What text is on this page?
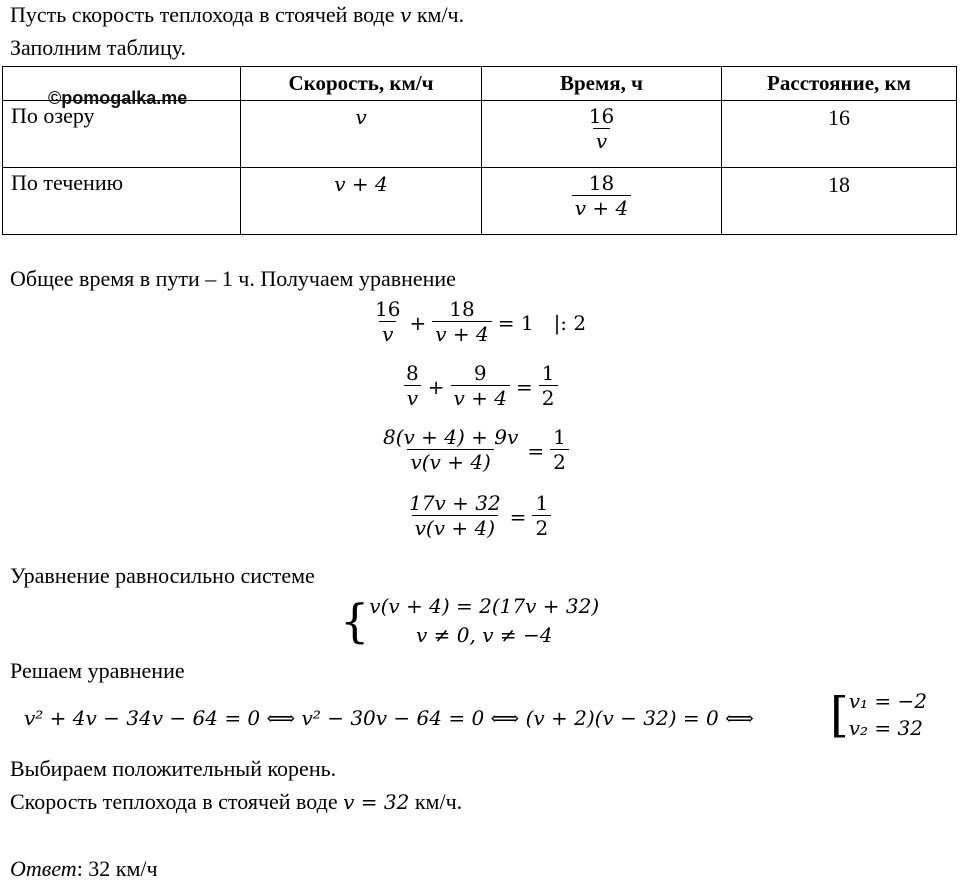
Пусть скорость теплохода в стоячей воде v км/ч.
Заполним таблицу.
	Скорость, км/ч	Время, ч	Расстояние, км
По озеру	v	$\frac{16}{v}$	16
По течению	v + 4	$\frac{18}{v + 4}$	18
©pomogalka.me
Общее время в пути – 1 ч. Получаем уравнение
$\frac{16}{v} + \frac{18}{v + 4} = 1$ |: 2
$\frac{8}{v} + \frac{9}{v + 4} = \frac{1}{2}$
$\frac{8(v + 4) + 9v}{v(v + 4)} = \frac{1}{2}$
$\frac{17v + 32}{v(v + 4)} = \frac{1}{2}$
Уравнение равносильно системе
{ v(v + 4) = 2(17v + 32)
v ≠ 0, v ≠ −4
Решаем уравнение
v² + 4v − 34v − 64 = 0 ⟺ v² − 30v − 64 = 0 ⟺ (v + 2)(v − 32) = 0 ⟺ [ v₁ = −2
v₂ = 32
Выбираем положительный корень.
Скорость теплохода в стоячей воде v = 32 км/ч.
Ответ: 32 км/ч
